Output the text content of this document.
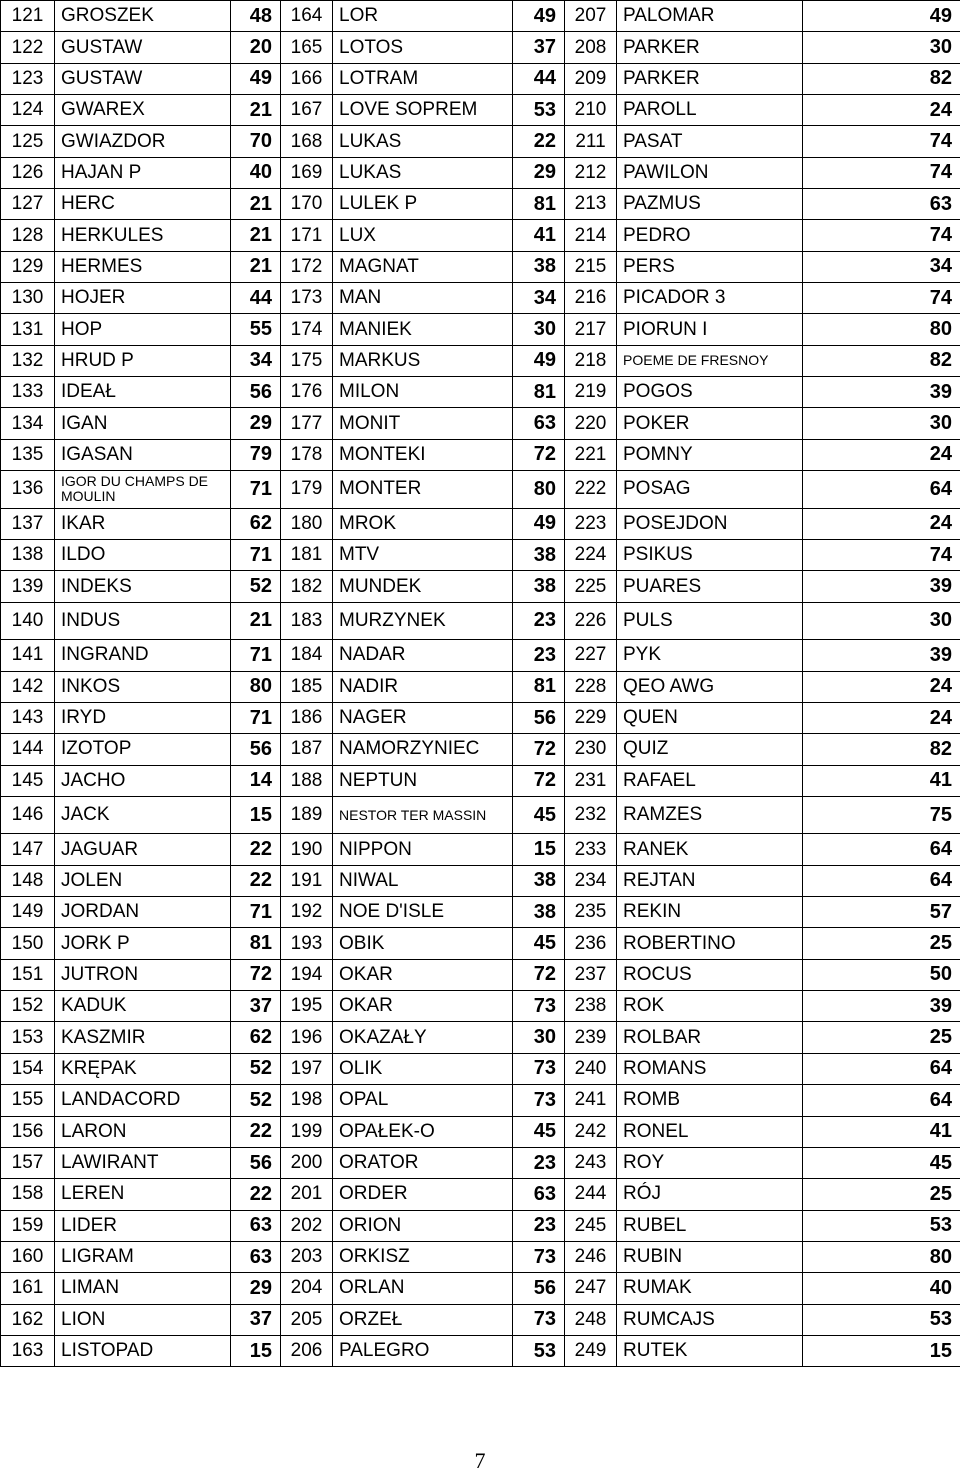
121	GROSZEK	48	164	LOR	49	207	PALOMAR	49
122	GUSTAW	20	165	LOTOS	37	208	PARKER	30
123	GUSTAW	49	166	LOTRAM	44	209	PARKER	82
124	GWAREX	21	167	LOVE SOPREM	53	210	PAROLL	24
125	GWIAZDOR	70	168	LUKAS	22	211	PASAT	74
126	HAJAN P	40	169	LUKAS	29	212	PAWILON	74
127	HERC	21	170	LULEK P	81	213	PAZMUS	63
128	HERKULES	21	171	LUX	41	214	PEDRO	74
129	HERMES	21	172	MAGNAT	38	215	PERS	34
130	HOJER	44	173	MAN	34	216	PICADOR 3	74
131	HOP	55	174	MANIEK	30	217	PIORUN I	80
132	HRUD P	34	175	MARKUS	49	218	POEME DE FRESNOY	82
133	IDEAŁ	56	176	MILON	81	219	POGOS	39
134	IGAN	29	177	MONIT	63	220	POKER	30
135	IGASAN	79	178	MONTEKI	72	221	POMNY	24
136	IGOR DU CHAMPS DE MOULIN	71	179	MONTER	80	222	POSAG	64
137	IKAR	62	180	MROK	49	223	POSEJDON	24
138	ILDO	71	181	MTV	38	224	PSIKUS	74
139	INDEKS	52	182	MUNDEK	38	225	PUARES	39
140	INDUS	21	183	MURZYNEK	23	226	PULS	30
141	INGRAND	71	184	NADAR	23	227	PYK	39
142	INKOS	80	185	NADIR	81	228	QEO AWG	24
143	IRYD	71	186	NAGER	56	229	QUEN	24
144	IZOTOP	56	187	NAMORZYNIEC	72	230	QUIZ	82
145	JACHO	14	188	NEPTUN	72	231	RAFAEL	41
146	JACK	15	189	NESTOR TER MASSIN	45	232	RAMZES	75
147	JAGUAR	22	190	NIPPON	15	233	RANEK	64
148	JOLEN	22	191	NIWAL	38	234	REJTAN	64
149	JORDAN	71	192	NOE D'ISLE	38	235	REKIN	57
150	JORK P	81	193	OBIK	45	236	ROBERTINO	25
151	JUTRON	72	194	OKAR	72	237	ROCUS	50
152	KADUK	37	195	OKAR	73	238	ROK	39
153	KASZMIR	62	196	OKAZAŁY	30	239	ROLBAR	25
154	KRĘPAK	52	197	OLIK	73	240	ROMANS	64
155	LANDACORD	52	198	OPAL	73	241	ROMB	64
156	LARON	22	199	OPAŁEK-O	45	242	RONEL	41
157	LAWIRANT	56	200	ORATOR	23	243	ROY	45
158	LEREN	22	201	ORDER	63	244	RÓJ	25
159	LIDER	63	202	ORION	23	245	RUBEL	53
160	LIGRAM	63	203	ORKISZ	73	246	RUBIN	80
161	LIMAN	29	204	ORLAN	56	247	RUMAK	40
162	LION	37	205	ORZEŁ	73	248	RUMCAJS	53
163	LISTOPAD	15	206	PALEGRO	53	249	RUTEK	15
7
